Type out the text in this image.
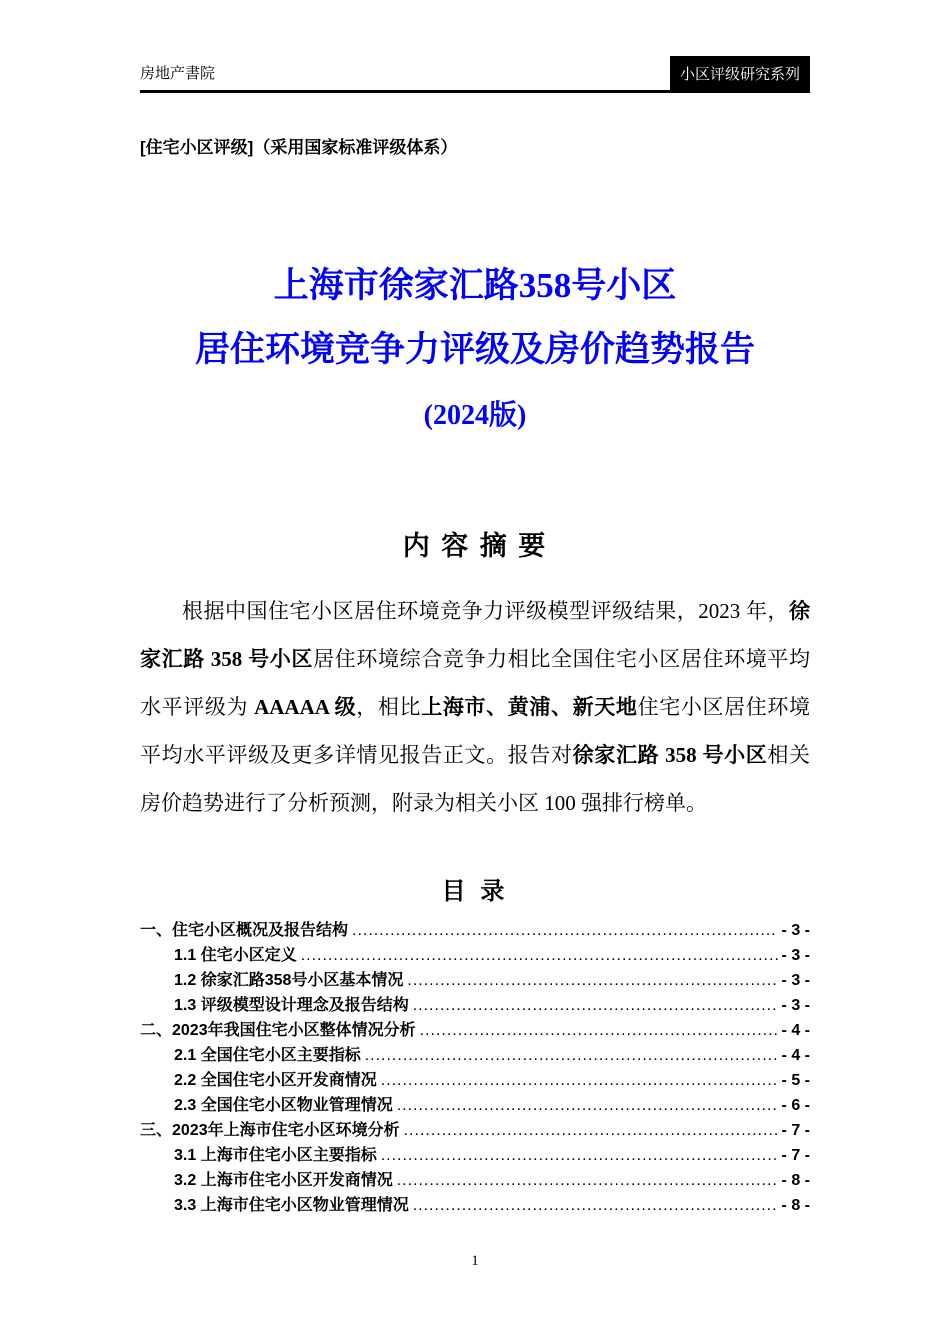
房地产書院	小区评级研究系列
[住宅小区评级]（采用国家标准评级体系）
上海市徐家汇路358号小区
居住环境竞争力评级及房价趋势报告
(2024版)
内 容 摘 要

根据中国住宅小区居住环境竞争力评级模型评级结果，2023 年，徐家汇路 358 号小区居住环境综合竞争力相比全国住宅小区居住环境平均水平评级为 AAAAA 级，相比上海市、黄浦、新天地住宅小区居住环境平均水平评级及更多详情见报告正文。报告对徐家汇路 358 号小区相关房价趋势进行了分析预测，附录为相关小区 100 强排行榜单。

目 录
一、住宅小区概况及报告结构 .....	- 3 -
1.1 住宅小区定义 .....	- 3 -
1.2 徐家汇路358号小区基本情况 .....	- 3 -
1.3 评级模型设计理念及报告结构 .....	- 3 -
二、2023年我国住宅小区整体情况分析 .....	- 4 -
2.1 全国住宅小区主要指标 .....	- 4 -
2.2 全国住宅小区开发商情况 .....	- 5 -
2.3 全国住宅小区物业管理情况 .....	- 6 -
三、2023年上海市住宅小区环境分析 .....	- 7 -
3.1 上海市住宅小区主要指标 .....	- 7 -
3.2 上海市住宅小区开发商情况 .....	- 8 -
3.3 上海市住宅小区物业管理情况 .....	- 8 -
1
